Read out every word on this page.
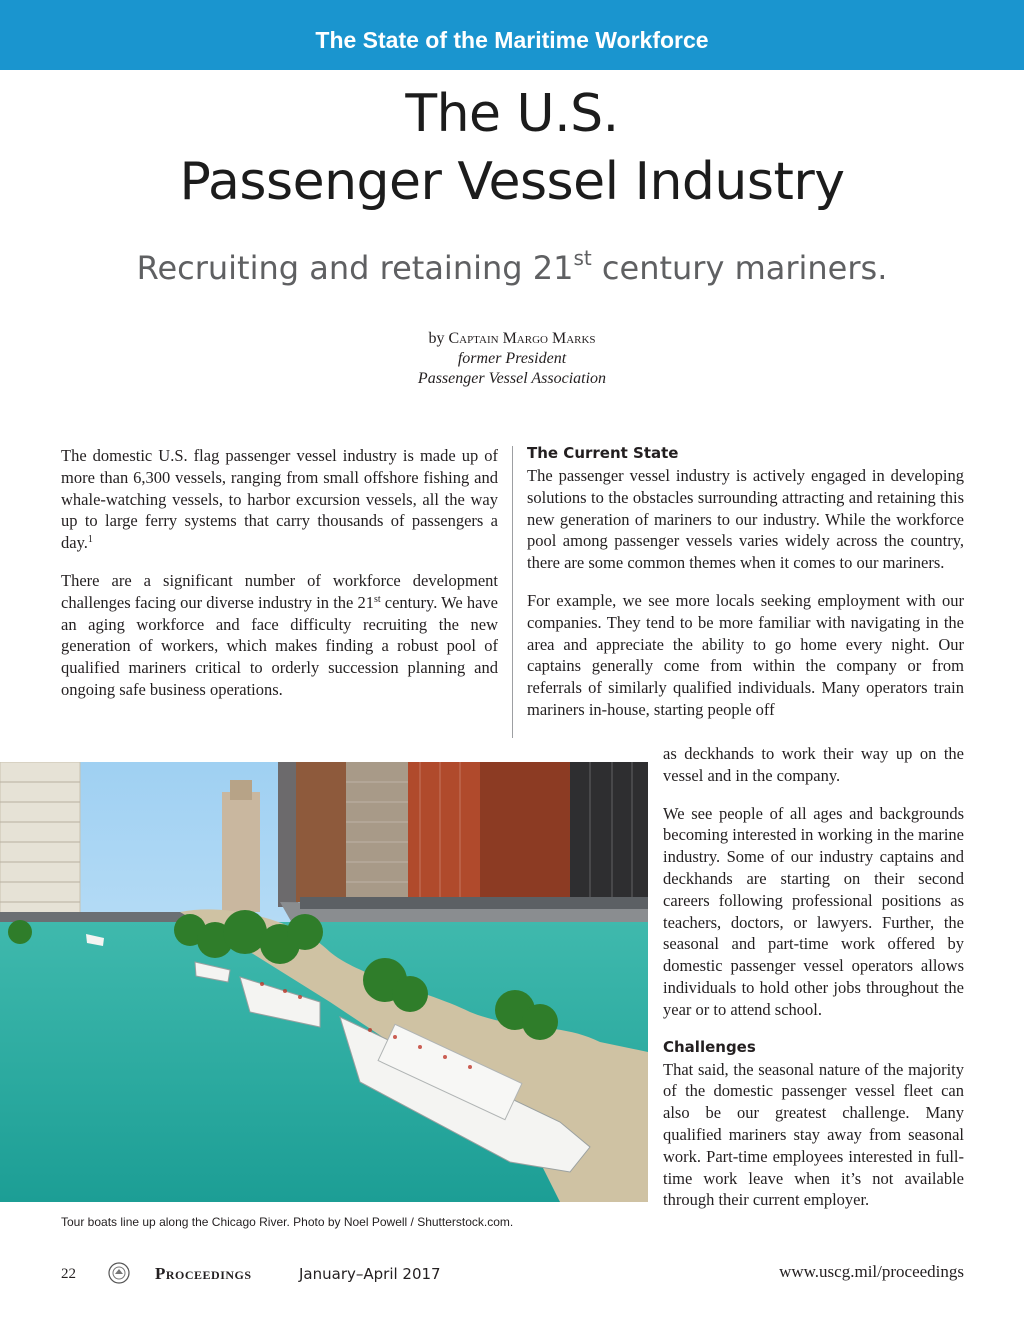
The State of the Maritime Workforce
The U.S.
Passenger Vessel Industry
Recruiting and retaining 21st century mariners.
by Captain Margo Marks
former President
Passenger Vessel Association

The domestic U.S. flag passenger vessel industry is made up of more than 6,300 vessels, ranging from small offshore fishing and whale-watching vessels, to harbor excursion vessels, all the way up to large ferry systems that carry thousands of passengers a day.$^1$

There are a significant number of workforce development challenges facing our diverse industry in the 21st century. We have an aging workforce and face difficulty recruiting the new generation of workers, which makes finding a robust pool of qualified mariners critical to orderly succession planning and ongoing safe business operations.

The Current State

The passenger vessel industry is actively engaged in developing solutions to the obstacles surrounding attracting and retaining this new generation of mariners to our industry. While the workforce pool among passenger vessels varies widely across the country, there are some common themes when it comes to our mariners.

For example, we see more locals seeking employment with our companies. They tend to be more familiar with navigating in the area and appreciate the ability to go home every night. Our captains generally come from within the company or from referrals of similarly qualified individuals. Many operators train mariners in-house, starting people off

Tour boats line up along the Chicago River. Photo by Noel Powell / Shutterstock.com.

as deckhands to work their way up on the vessel and in the company.

We see people of all ages and backgrounds becoming interested in working in the marine industry. Some of our industry captains and deckhands are starting on their second careers following professional positions as teachers, doctors, or lawyers. Further, the seasonal and part-time work offered by domestic passenger vessel operators allows individuals to hold other jobs throughout the year or to attend school.

Challenges

That said, the seasonal nature of the majority of the domestic passenger vessel fleet can also be our greatest challenge. Many qualified mariners stay away from seasonal work. Part-time employees interested in full-time work leave when it’s not available through their current employer.

22	Proceedings	January–April 2017	www.uscg.mil/proceedings
